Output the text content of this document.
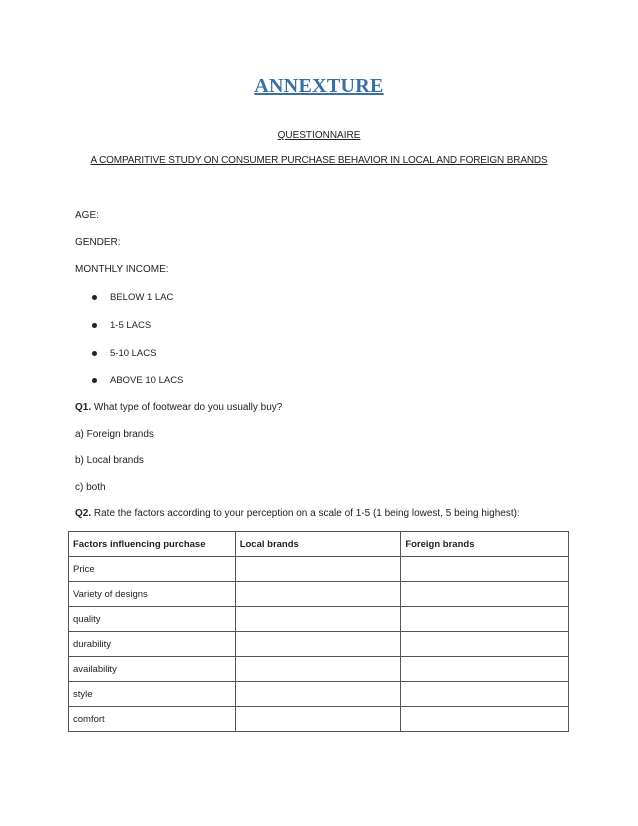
ANNEXTURE
QUESTIONNAIRE
A COMPARITIVE STUDY ON CONSUMER PURCHASE BEHAVIOR IN LOCAL AND FOREIGN BRANDS
AGE:
GENDER:
MONTHLY INCOME:
BELOW 1 LAC
1-5 LACS
5-10 LACS
ABOVE 10 LACS
Q1. What type of footwear do you usually buy?
a) Foreign brands
b) Local brands
c) both
Q2. Rate the factors according to your perception on a scale of 1-5 (1 being lowest, 5 being highest):
Factors influencing purchase	Local brands	Foreign brands
Price		
Variety of designs		
quality		
durability		
availability		
style		
comfort		
